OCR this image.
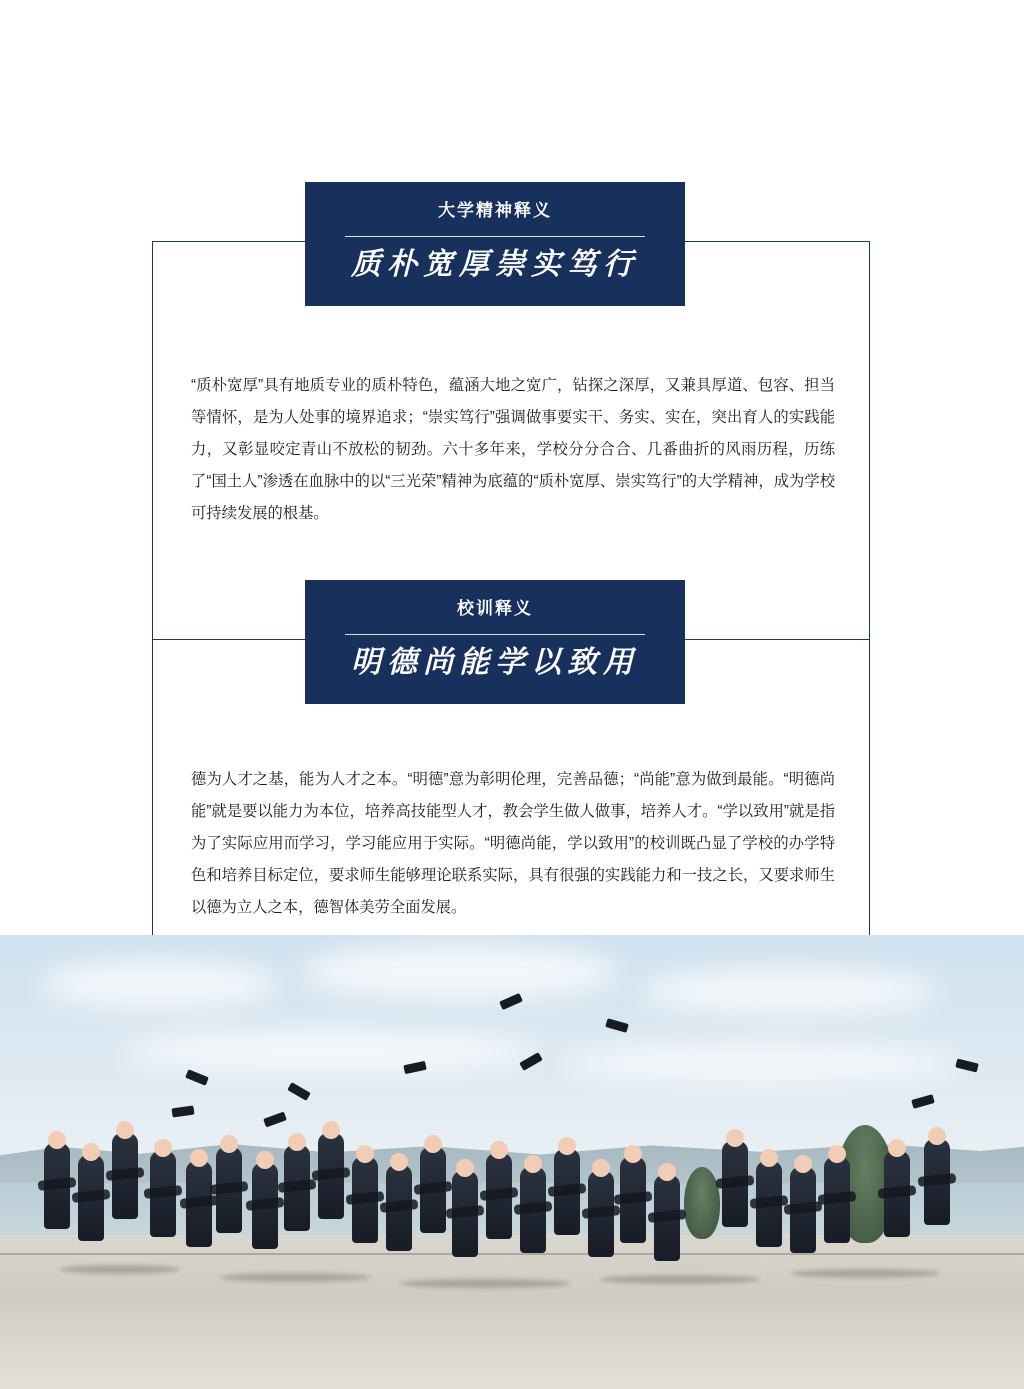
“质朴宽厚”具有地质专业的质朴特色，蕴涵大地之宽广，钻探之深厚，又兼具厚道、包容、担当等情怀，是为人处事的境界追求；“崇实笃行”强调做事要实干、务实、实在，突出育人的实践能力，又彰显咬定青山不放松的韧劲。六十多年来，学校分分合合、几番曲折的风雨历程，历练了“国土人”渗透在血脉中的以“三光荣”精神为底蕴的“质朴宽厚、崇实笃行”的大学精神，成为学校可持续发展的根基。
大学精神释义
质朴宽厚崇实笃行
德为人才之基，能为人才之本。“明德”意为彰明伦理，完善品德；“尚能”意为做到最能。“明德尚能”就是要以能力为本位，培养高技能型人才，教会学生做人做事，培养人才。“学以致用”就是指为了实际应用而学习，学习能应用于实际。“明德尚能，学以致用”的校训既凸显了学校的办学特色和培养目标定位，要求师生能够理论联系实际，具有很强的实践能力和一技之长，又要求师生以德为立人之本，德智体美劳全面发展。
校训释义
明德尚能学以致用
